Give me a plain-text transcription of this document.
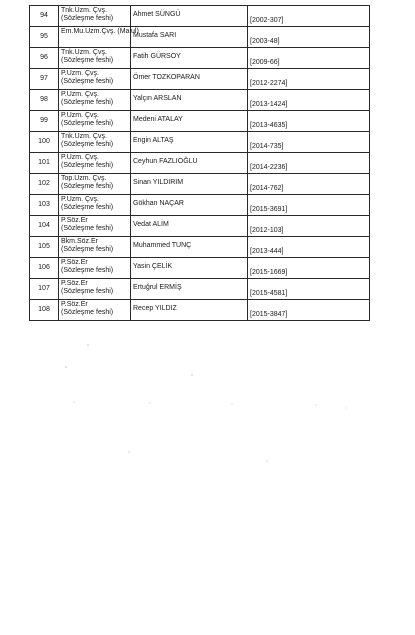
94	Tnk.Uzm. Çvş.
(Sözleşme feshi)	Ahmet SÜNGÜ	[2002-307]

95	Em.Mu.Uzm.Çvş. (Malul)	Mustafa SARI	[2003-48]

96	Tnk.Uzm. Çvş.
(Sözleşme feshi)	Fatih GÜRSOY	[2009-66]

97	P.Uzm. Çvş.
(Sözleşme feshi)	Ömer TOZKOPARAN	[2012-2274]

98	P.Uzm. Çvş.
(Sözleşme feshi)	Yalçın ARSLAN	[2013-1424]

99	P.Uzm. Çvş.
(Sözleşme feshi)	Medeni ATALAY	[2013-4635]

100	Tnk.Uzm. Çvş.
(Sözleşme feshi)	Engin ALTAŞ	[2014-735]

101	P.Uzm. Çvş.
(Sözleşme feshi)	Ceyhun FAZLIOĞLU	[2014-2236]

102	Top.Uzm. Çvş.
(Sözleşme feshi)	Sinan YILDIRIM	[2014-762]

103	P.Uzm. Çvş.
(Sözleşme feshi)	Gökhan NAÇAR	[2015-3691]

104	P.Söz.Er
(Sözleşme feshi)	Vedat ALİM	[2012-103]

105	Bkm.Söz.Er
(Sözleşme feshi)	Muhammed TUNÇ	[2013-444]

106	P.Söz.Er
(Sözleşme feshi)	Yasin ÇELİK	[2015-1669]

107	P.Söz.Er
(Sözleşme feshi)	Ertuğrul ERMİŞ	[2015-4581]

108	P.Söz.Er
(Sözleşme feshi)	Recep YILDIZ	[2015-3847]
